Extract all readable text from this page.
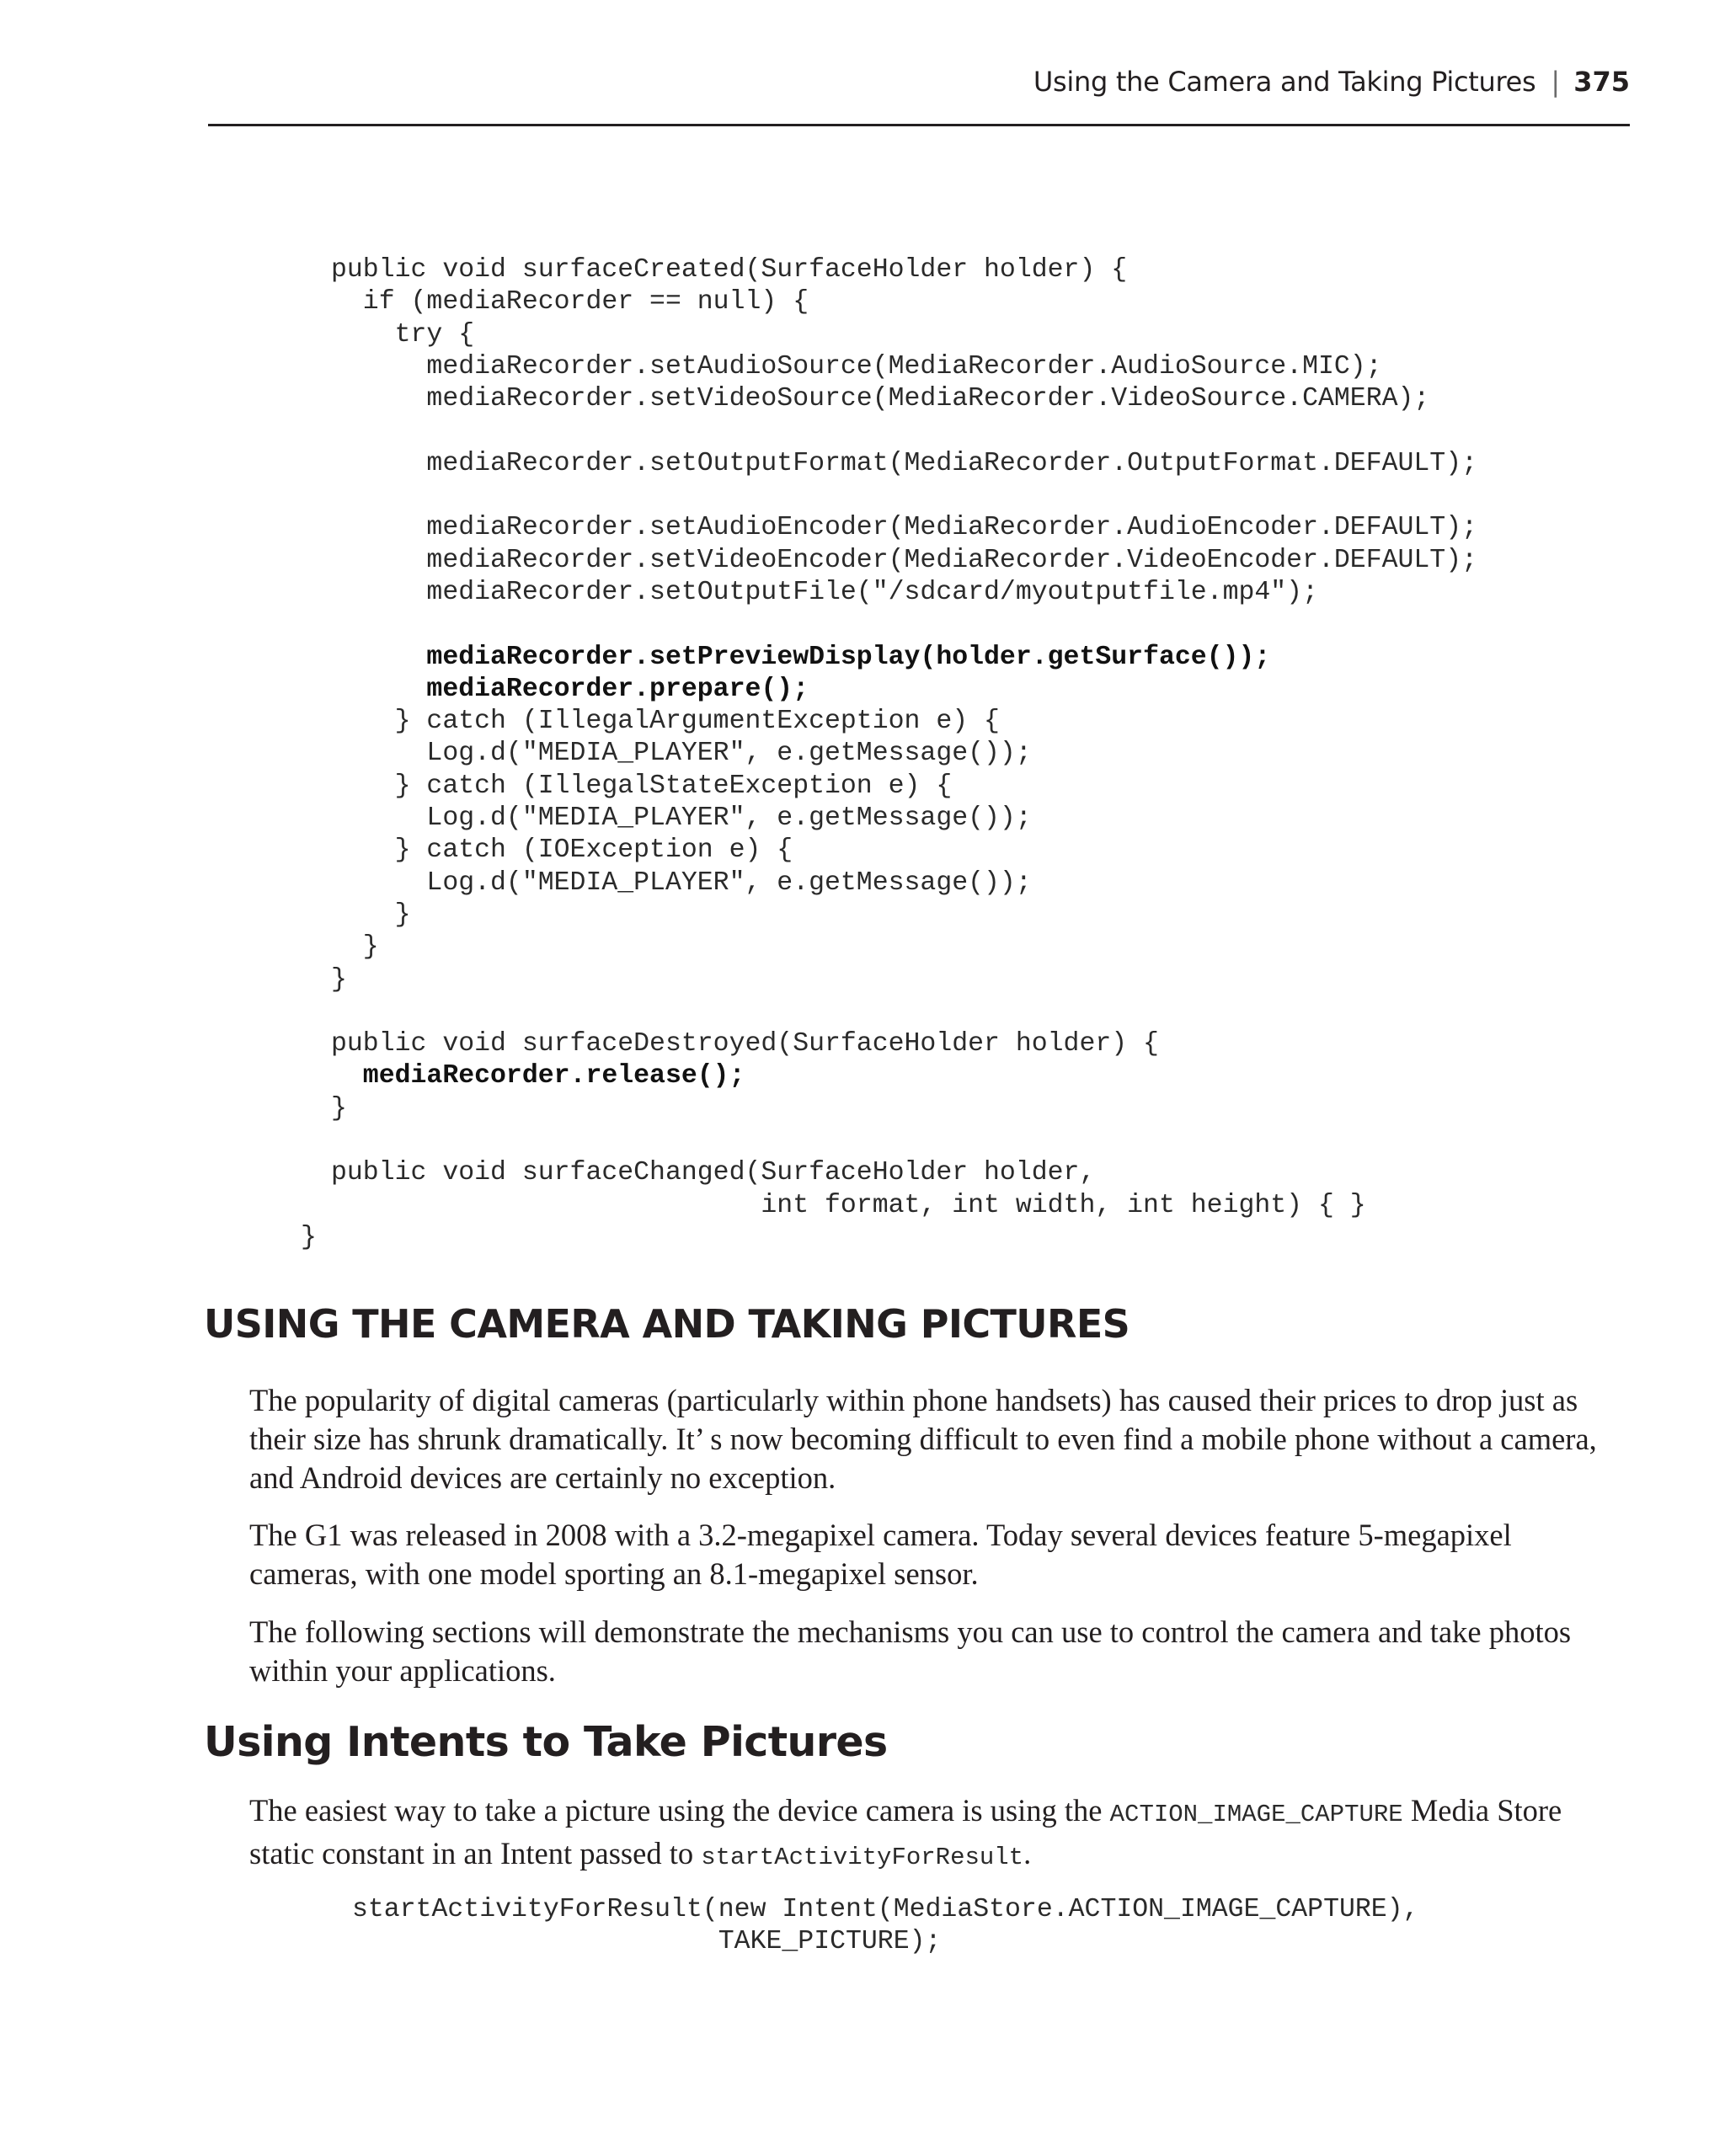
Using the Camera and Taking Pictures | 375
public void surfaceCreated(SurfaceHolder holder) {
if (mediaRecorder == null) {
try {
mediaRecorder.setAudioSource(MediaRecorder.AudioSource.MIC);
mediaRecorder.setVideoSource(MediaRecorder.VideoSource.CAMERA);
mediaRecorder.setOutputFormat(MediaRecorder.OutputFormat.DEFAULT);
mediaRecorder.setAudioEncoder(MediaRecorder.AudioEncoder.DEFAULT);
mediaRecorder.setVideoEncoder(MediaRecorder.VideoEncoder.DEFAULT);
mediaRecorder.setOutputFile("/sdcard/myoutputfile.mp4");
mediaRecorder.setPreviewDisplay(holder.getSurface());
mediaRecorder.prepare();
} catch (IllegalArgumentException e) {
Log.d("MEDIA_PLAYER", e.getMessage());
} catch (IllegalStateException e) {
Log.d("MEDIA_PLAYER", e.getMessage());
} catch (IOException e) {
Log.d("MEDIA_PLAYER", e.getMessage());
}
}
}
public void surfaceDestroyed(SurfaceHolder holder) {
mediaRecorder.release();
}
public void surfaceChanged(SurfaceHolder holder,
int format, int width, int height) { }
}
USING THE CAMERA AND TAKING PICTURES

The popularity of digital cameras (particularly within phone handsets) has caused their prices to drop just as their size has shrunk dramatically. It’ s now becoming difficult to even find a mobile phone without a camera, and Android devices are certainly no exception.

The G1 was released in 2008 with a 3.2-megapixel camera. Today several devices feature 5-megapixel cameras, with one model sporting an 8.1-megapixel sensor.

The following sections will demonstrate the mechanisms you can use to control the camera and take photos within your applications.

Using Intents to Take Pictures

The easiest way to take a picture using the device camera is using the ACTION_IMAGE_CAPTURE Media Store static constant in an Intent passed to startActivityForResult.

startActivityForResult(new Intent(MediaStore.ACTION_IMAGE_CAPTURE),
TAKE_PICTURE);
